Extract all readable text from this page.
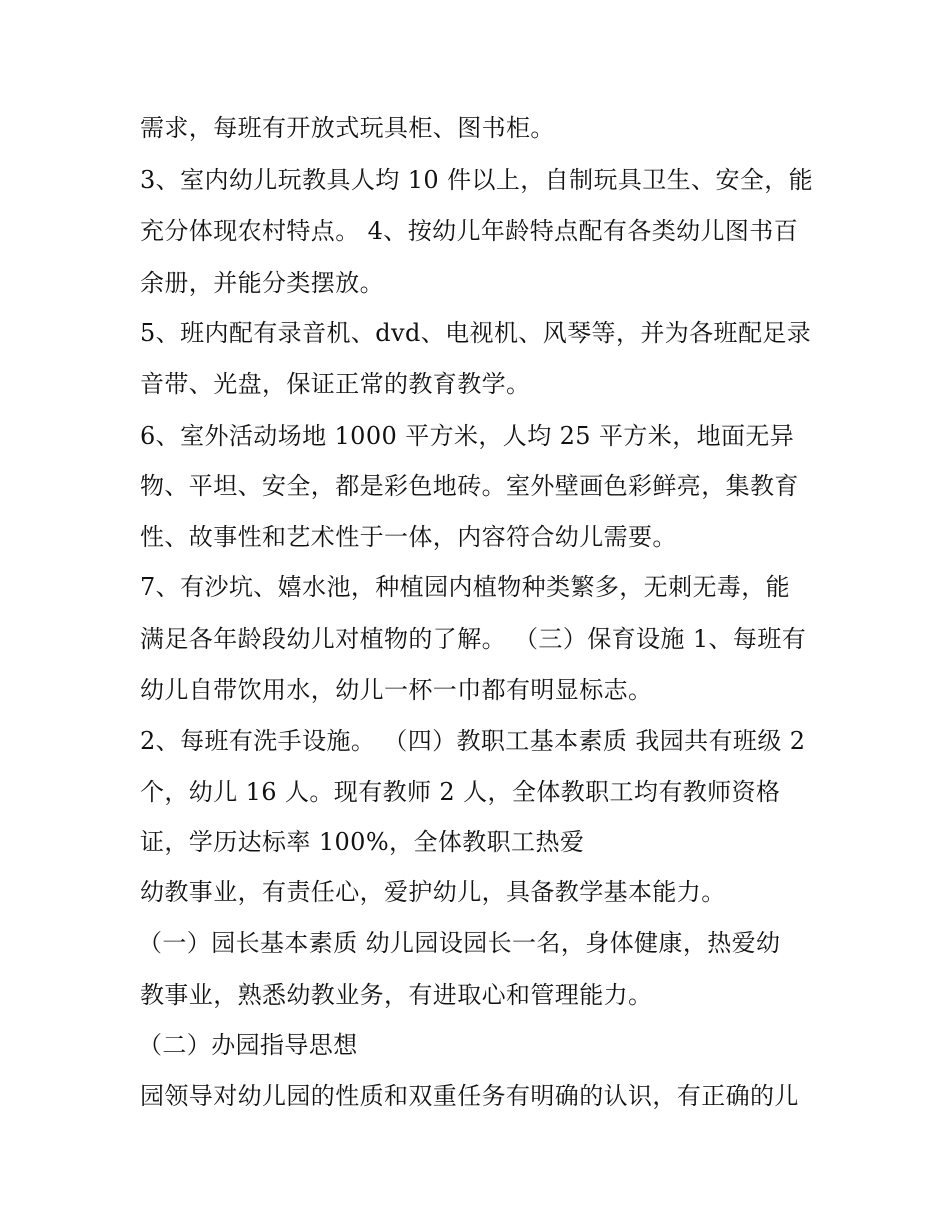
需求，每班有开放式玩具柜、图书柜。
3、室内幼儿玩教具人均 10 件以上，自制玩具卫生、安全，能
充分体现农村特点。 4、按幼儿年龄特点配有各类幼儿图书百
余册，并能分类摆放。
5、班内配有录音机、dvd、电视机、风琴等，并为各班配足录
音带、光盘，保证正常的教育教学。
6、室外活动场地 1000 平方米，人均 25 平方米，地面无异
物、平坦、安全，都是彩色地砖。室外壁画色彩鲜亮，集教育
性、故事性和艺术性于一体，内容符合幼儿需要。
7、有沙坑、嬉水池，种植园内植物种类繁多，无刺无毒，能
满足各年龄段幼儿对植物的了解。 （三）保育设施 1、每班有
幼儿自带饮用水，幼儿一杯一巾都有明显标志。
2、每班有洗手设施。 （四）教职工基本素质 我园共有班级 2
个，幼儿 16 人。现有教师 2 人，全体教职工均有教师资格
证，学历达标率 100%，全体教职工热爱
幼教事业，有责任心，爱护幼儿，具备教学基本能力。
（一）园长基本素质 幼儿园设园长一名，身体健康，热爱幼
教事业，熟悉幼教业务，有进取心和管理能力。
（二）办园指导思想
园领导对幼儿园的性质和双重任务有明确的认识，有正确的儿
